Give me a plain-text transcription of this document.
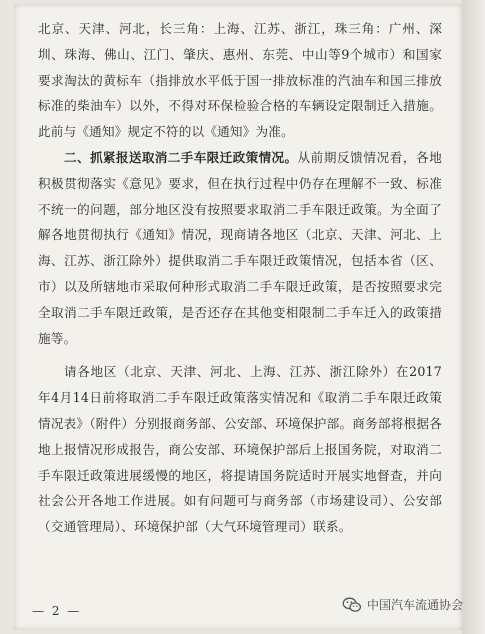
北京、天津、河北，长三角：上海、江苏、浙江，珠三角：广州、深圳、珠海、佛山、江门、肇庆、惠州、东莞、中山等9个城市）和国家要求淘汰的黄标车（指排放水平低于国一排放标准的汽油车和国三排放标准的柴油车）以外，不得对环保检验合格的车辆设定限制迁入措施。此前与《通知》规定不符的以《通知》为准。

二、抓紧报送取消二手车限迁政策情况。从前期反馈情况看，各地积极贯彻落实《意见》要求，但在执行过程中仍存在理解不一致、标准不统一的问题，部分地区没有按照要求取消二手车限迁政策。为全面了解各地贯彻执行《通知》情况，现商请各地区（北京、天津、河北、上海、江苏、浙江除外）提供取消二手车限迁政策情况，包括本省（区、市）以及所辖地市采取何种形式取消二手车限迁政策，是否按照要求完全取消二手车限迁政策，是否还存在其他变相限制二手车迁入的政策措施等。

请各地区（北京、天津、河北、上海、江苏、浙江除外）在2017年4月14日前将取消二手车限迁政策落实情况和《取消二手车限迁政策情况表》（附件）分别报商务部、公安部、环境保护部。商务部将根据各地上报情况形成报告，商公安部、环境保护部后上报国务院，对取消二手车限迁政策进展缓慢的地区，将提请国务院适时开展实地督查，并向社会公开各地工作进展。如有问题可与商务部（市场建设司）、公安部（交通管理局）、环境保护部（大气环境管理司）联系。

— 2 —	中国汽车流通协会
